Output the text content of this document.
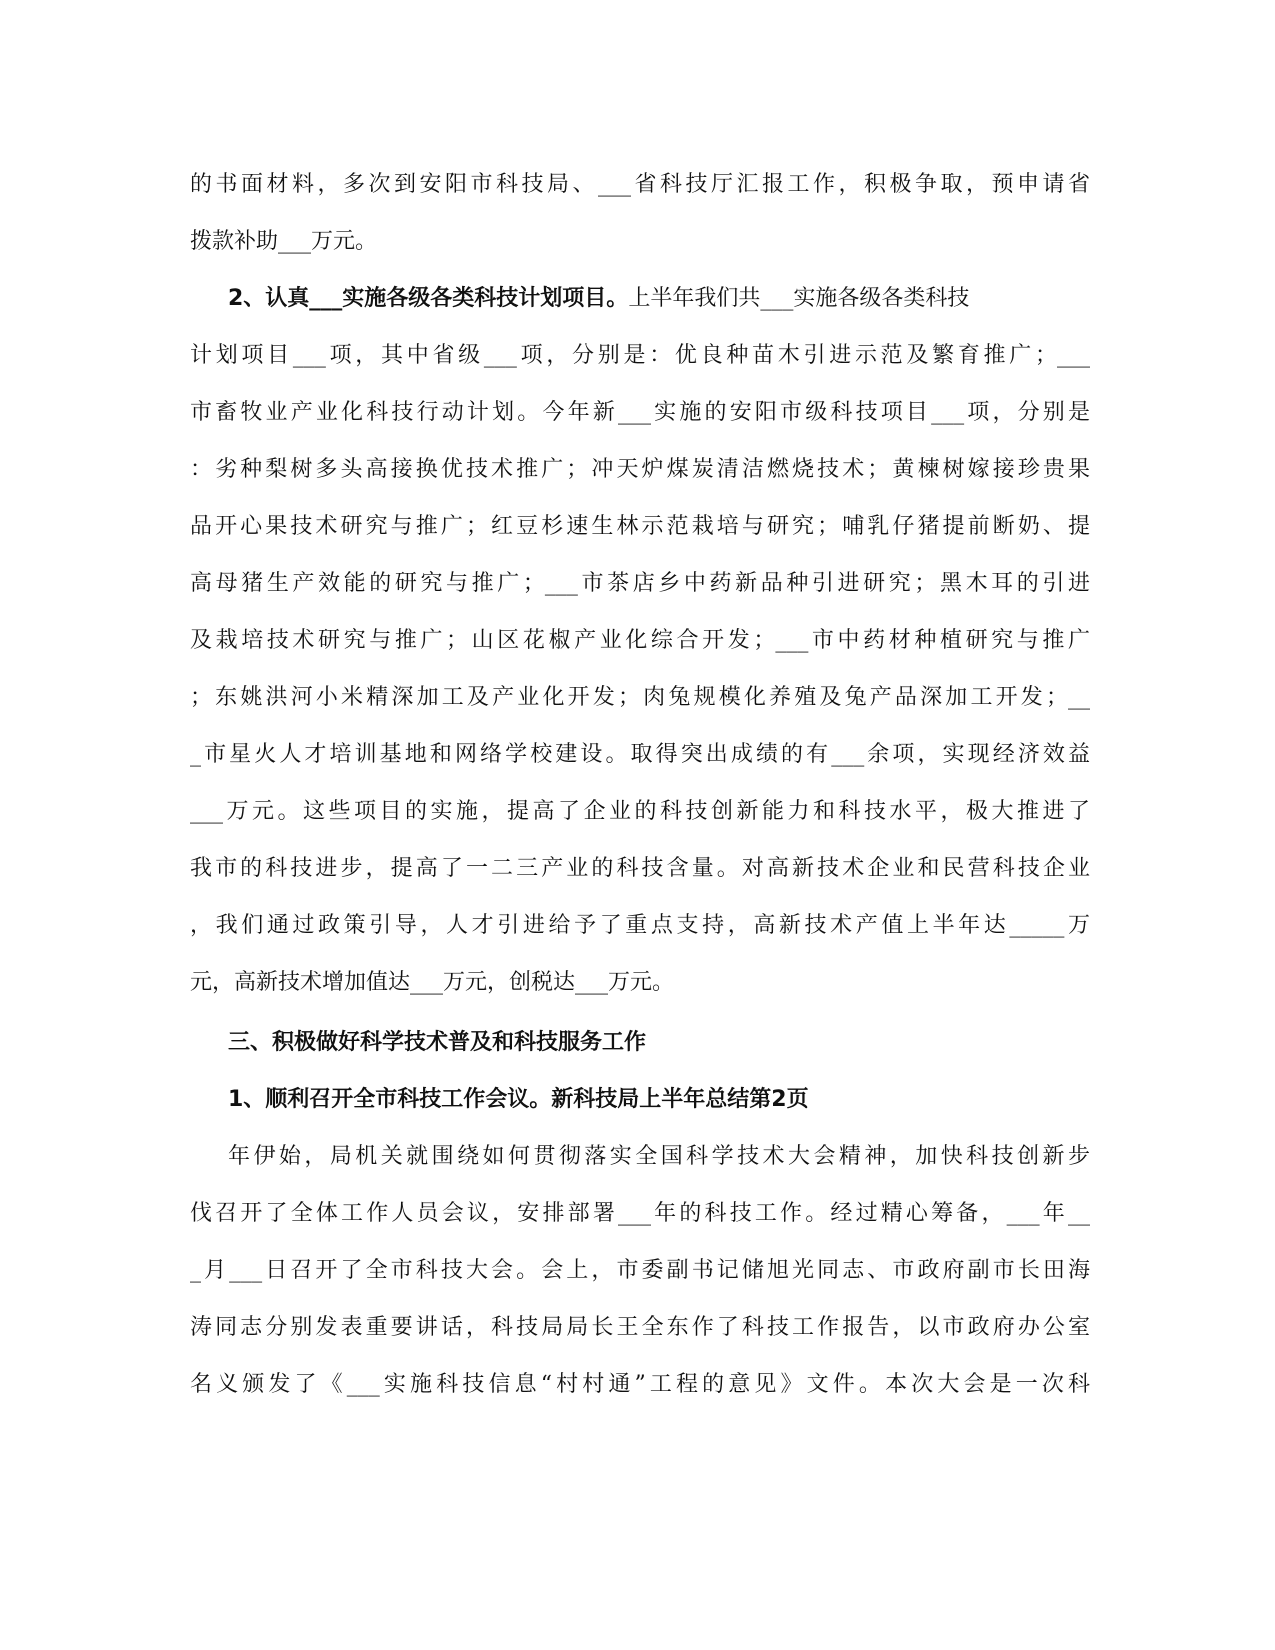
的书面材料，多次到安阳市科技局、___省科技厅汇报工作，积极争取，预申请省
拨款补助___万元。
2、认真___实施各级各类科技计划项目。上半年我们共___实施各级各类科技
计划项目___项，其中省级___项，分别是：优良种苗木引进示范及繁育推广；___
市畜牧业产业化科技行动计划。今年新___实施的安阳市级科技项目___项，分别是
：劣种梨树多头高接换优技术推广；冲天炉煤炭清洁燃烧技术；黄楝树嫁接珍贵果
品开心果技术研究与推广；红豆杉速生林示范栽培与研究；哺乳仔猪提前断奶、提
高母猪生产效能的研究与推广；___市茶店乡中药新品种引进研究；黑木耳的引进
及栽培技术研究与推广；山区花椒产业化综合开发；___市中药材种植研究与推广
；东姚洪河小米精深加工及产业化开发；肉兔规模化养殖及兔产品深加工开发；__
_市星火人才培训基地和网络学校建设。取得突出成绩的有___余项，实现经济效益
___万元。这些项目的实施，提高了企业的科技创新能力和科技水平，极大推进了
我市的科技进步，提高了一二三产业的科技含量。对高新技术企业和民营科技企业
，我们通过政策引导，人才引进给予了重点支持，高新技术产值上半年达_____万
元，高新技术增加值达___万元，创税达___万元。
三、积极做好科学技术普及和科技服务工作
1、顺利召开全市科技工作会议。新科技局上半年总结第2页
年伊始，局机关就围绕如何贯彻落实全国科学技术大会精神，加快科技创新步
伐召开了全体工作人员会议，安排部署___年的科技工作。经过精心筹备，___年__
_月___日召开了全市科技大会。会上，市委副书记储旭光同志、市政府副市长田海
涛同志分别发表重要讲话，科技局局长王全东作了科技工作报告，以市政府办公室
名义颁发了《___实施科技信息“村村通”工程的意见》文件。本次大会是一次科
